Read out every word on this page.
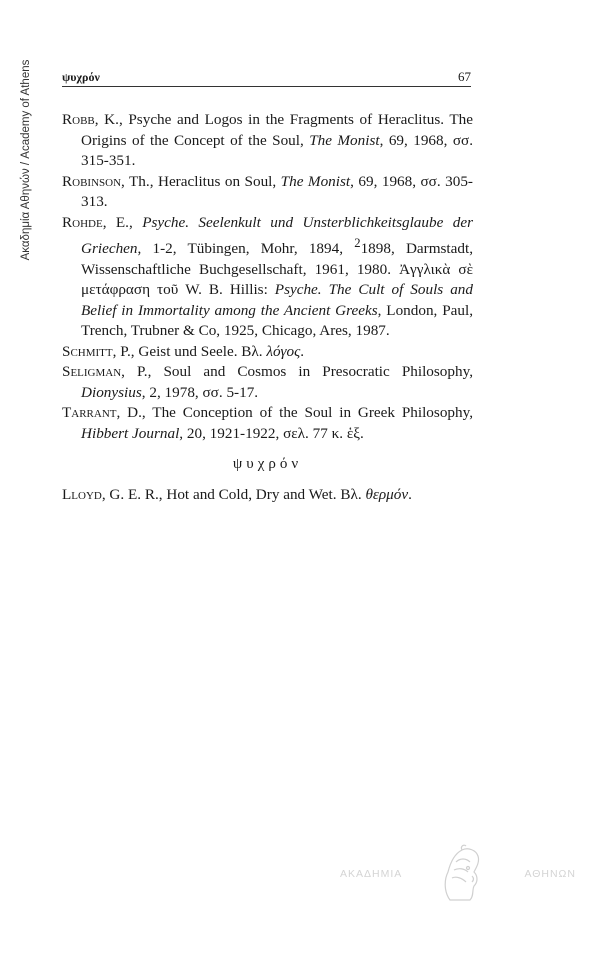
Ακαδημία Αθηνών / Academy of Athens	ψυχρόν	67

Robb, K., Psyche and Logos in the Fragments of Heraclitus. The Origins of the Concept of the Soul, The Monist, 69, 1968, σσ. 315-351.

Robinson, Th., Heraclitus on Soul, The Monist, 69, 1968, σσ. 305-313.

Rohde, E., Psyche. Seelenkult und Unsterblichkeitsglaube der Griechen, 1-2, Tübingen, Mohr, 1894, $^2$1898, Darmstadt, Wissenschaftliche Buchgesellschaft, 1961, 1980. Ἀγγλικὰ σὲ μετάφραση τοῦ W. B. Hillis: Psyche. The Cult of Souls and Belief in Immortality among the Ancient Greeks, London, Paul, Trench, Trubner & Co, 1925, Chicago, Ares, 1987.

Schmitt, P., Geist und Seele. Βλ. λόγος.

Seligman, P., Soul and Cosmos in Presocratic Philosophy, Dionysius, 2, 1978, σσ. 5-17.

Tarrant, D., The Conception of the Soul in Greek Philosophy, Hibbert Journal, 20, 1921-1922, σελ. 77 κ. ἑξ.

ψυχρόν

Lloyd, G. E. R., Hot and Cold, Dry and Wet. Βλ. θερμόν.

ΑΚΑΔΗΜΙΑ	ΑΘΗΝΩΝ
